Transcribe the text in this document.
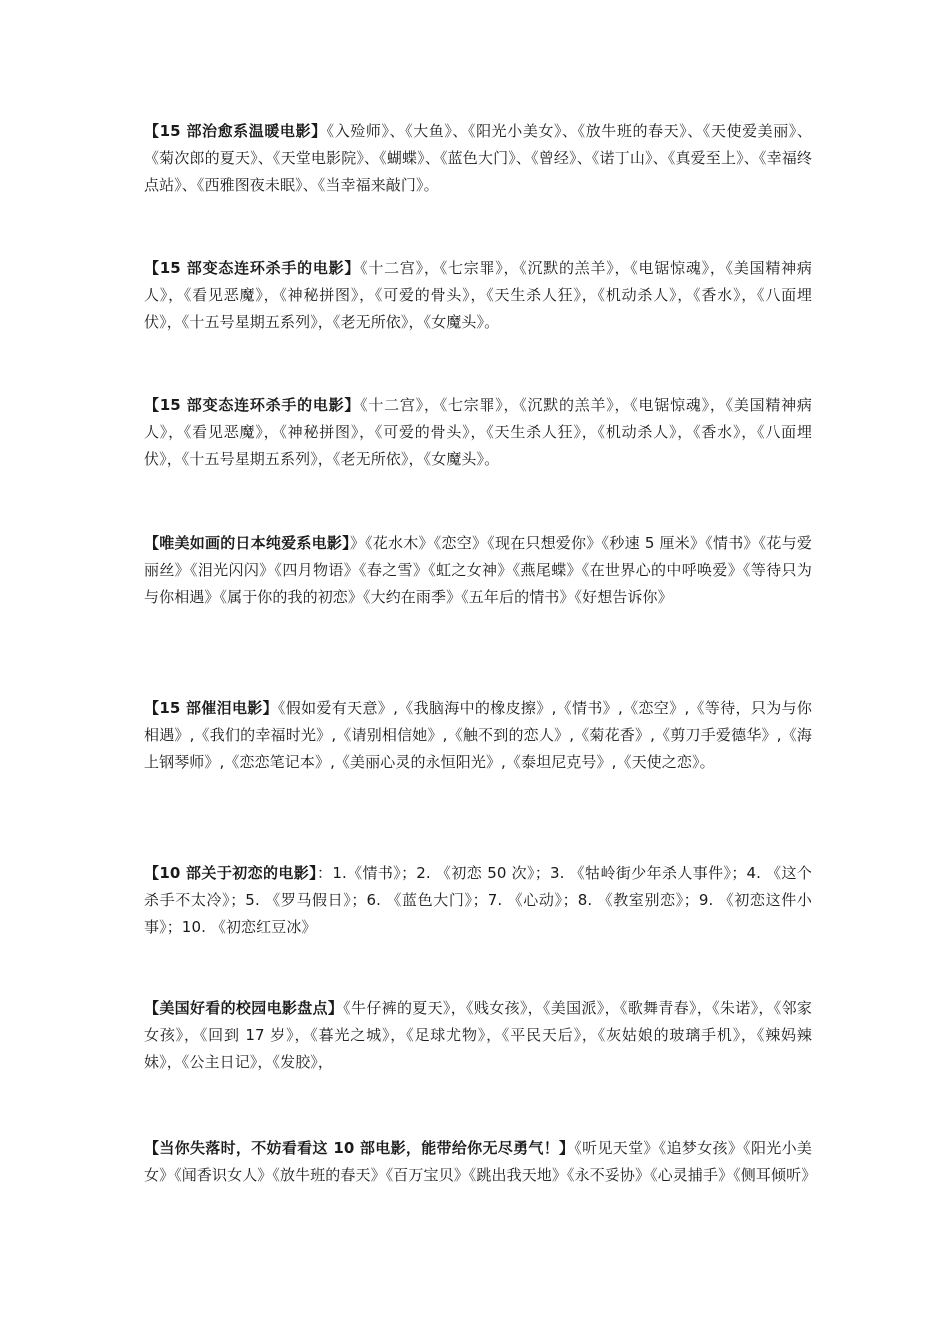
【15 部治愈系温暖电影】《入殓师》、《大鱼》、《阳光小美女》、《放牛班的春天》、《天使爱美丽》、《菊次郎的夏天》、《天堂电影院》、《蝴蝶》、《蓝色大门》、《曾经》、《诺丁山》、《真爱至上》、《幸福终点站》、《西雅图夜未眠》、《当幸福来敲门》。

【15 部变态连环杀手的电影】《十二宫》，《七宗罪》，《沉默的羔羊》，《电锯惊魂》，《美国精神病人》，《看见恶魔》，《神秘拼图》，《可爱的骨头》，《天生杀人狂》，《机动杀人》，《香水》，《八面埋伏》，《十五号星期五系列》，《老无所依》，《女魔头》。

【15 部变态连环杀手的电影】《十二宫》，《七宗罪》，《沉默的羔羊》，《电锯惊魂》，《美国精神病人》，《看见恶魔》，《神秘拼图》，《可爱的骨头》，《天生杀人狂》，《机动杀人》，《香水》，《八面埋伏》，《十五号星期五系列》，《老无所依》，《女魔头》。

【唯美如画的日本纯爱系电影】》《花水木》《恋空》《现在只想爱你》《秒速 5 厘米》《情书》《花与爱丽丝》《泪光闪闪》《四月物语》《春之雪》《虹之女神》《燕尾蝶》《在世界心的中呼唤爱》《等待只为与你相遇》《属于你的我的初恋》《大约在雨季》《五年后的情书》《好想告诉你》

【15 部催泪电影】《假如爱有天意》,《我脑海中的橡皮擦》,《情书》,《恋空》,《等待，只为与你相遇》,《我们的幸福时光》,《请别相信她》,《触不到的恋人》,《菊花香》,《剪刀手爱德华》,《海上钢琴师》,《恋恋笔记本》,《美丽心灵的永恒阳光》,《泰坦尼克号》,《天使之恋》。

【10 部关于初恋的电影】：1.《情书》；2. 《初恋 50 次》；3. 《牯岭街少年杀人事件》；4. 《这个杀手不太冷》；5. 《罗马假日》；6. 《蓝色大门》；7. 《心动》；8. 《教室别恋》；9. 《初恋这件小事》；10. 《初恋红豆冰》

【美国好看的校园电影盘点】《牛仔裤的夏天》，《贱女孩》，《美国派》，《歌舞青春》，《朱诺》，《邻家女孩》，《回到 17 岁》，《暮光之城》，《足球尤物》，《平民天后》，《灰姑娘的玻璃手机》，《辣妈辣妹》，《公主日记》，《发胶》，

【当你失落时，不妨看看这 10 部电影，能带给你无尽勇气！】《听见天堂》《追梦女孩》《阳光小美女》《闻香识女人》《放牛班的春天》《百万宝贝》《跳出我天地》《永不妥协》《心灵捕手》《侧耳倾听》
